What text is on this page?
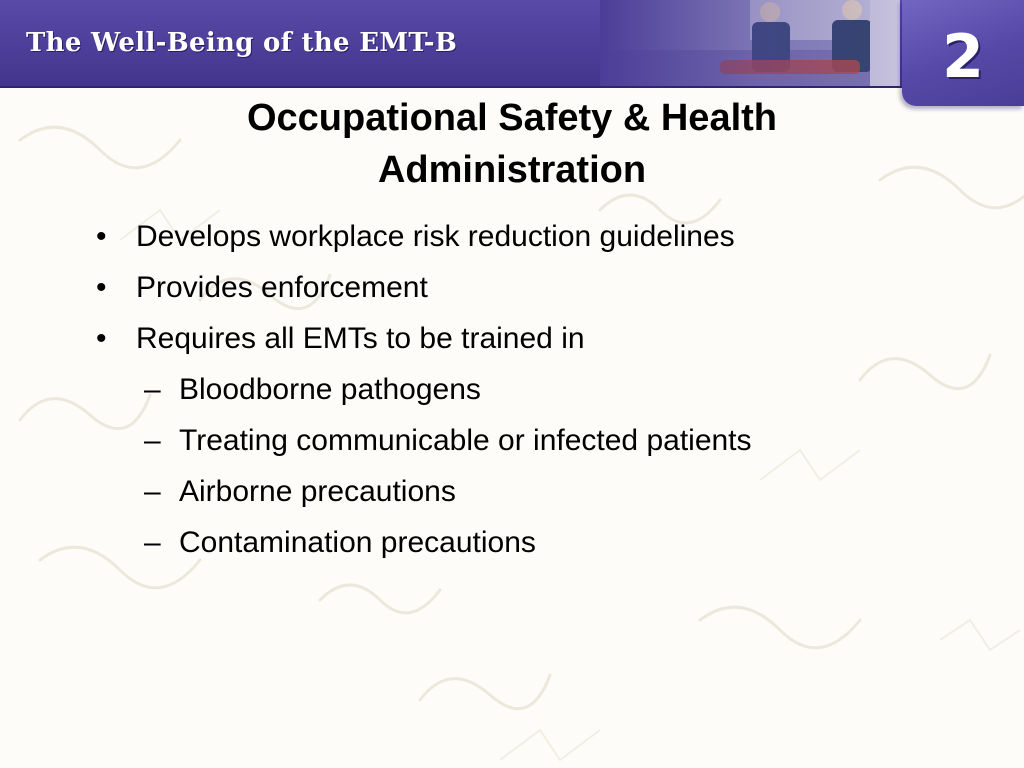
The Well-Being of the EMT-B	2
Occupational Safety & Health Administration
• Develops workplace risk reduction guidelines
• Provides enforcement
• Requires all EMTs to be trained in
– Bloodborne pathogens
– Treating communicable or infected patients
– Airborne precautions
– Contamination precautions
